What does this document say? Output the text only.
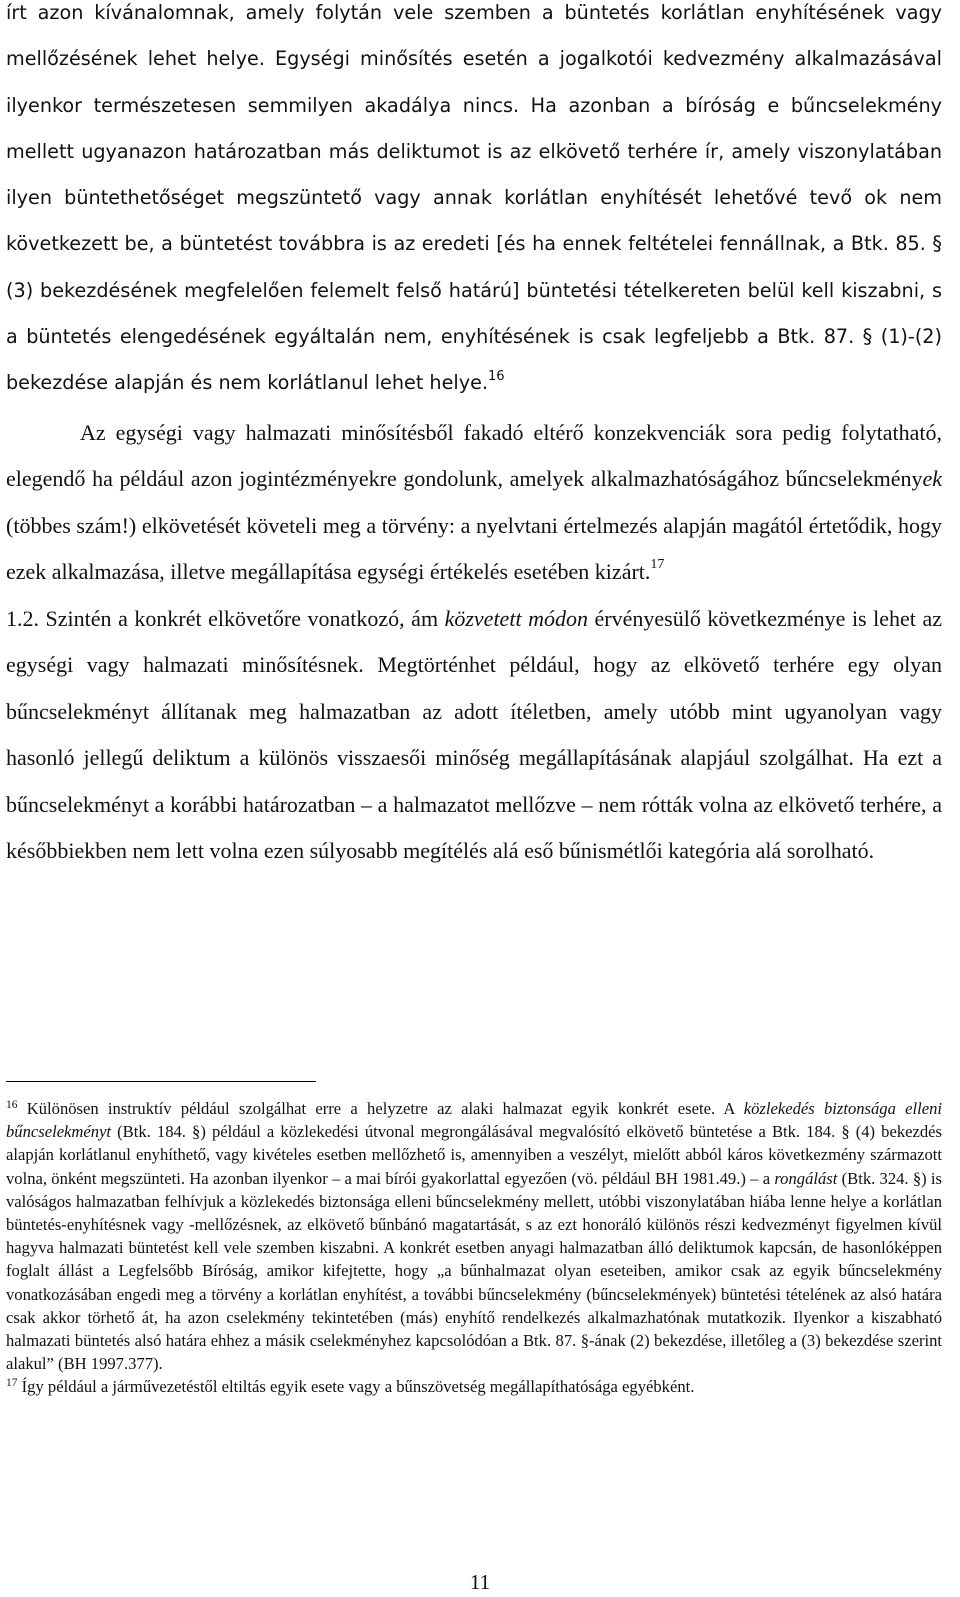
írt azon kívánalomnak, amely folytán vele szemben a büntetés korlátlan enyhítésének vagy mellőzésének lehet helye. Egységi minősítés esetén a jogalkotói kedvezmény alkalmazásával ilyenkor természetesen semmilyen akadálya nincs. Ha azonban a bíróság e bűncselekmény mellett ugyanazon határozatban más deliktumot is az elkövető terhére ír, amely viszonylatában ilyen büntethetőséget megszüntető vagy annak korlátlan enyhítését lehetővé tevő ok nem következett be, a büntetést továbbra is az eredeti [és ha ennek feltételei fennállnak, a Btk. 85. § (3) bekezdésének megfelelően felemelt felső határú] büntetési tételkereten belül kell kiszabni, s a büntetés elengedésének egyáltalán nem, enyhítésének is csak legfeljebb a Btk. 87. § (1)-(2) bekezdése alapján és nem korlátlanul lehet helye.$^{16}$

Az egységi vagy halmazati minősítésből fakadó eltérő konzekvenciák sora pedig folytatható, elegendő ha például azon jogintézményekre gondolunk, amelyek alkalmazhatóságához bűncselekmények (többes szám!) elkövetését követeli meg a törvény: a nyelvtani értelmezés alapján magától értetődik, hogy ezek alkalmazása, illetve megállapítása egységi értékelés esetében kizárt.$^{17}$

1.2. Szintén a konkrét elkövetőre vonatkozó, ám közvetett módon érvényesülő következménye is lehet az egységi vagy halmazati minősítésnek. Megtörténhet például, hogy az elkövető terhére egy olyan bűncselekményt állítanak meg halmazatban az adott ítéletben, amely utóbb mint ugyanolyan vagy hasonló jellegű deliktum a különös visszaesői minőség megállapításának alapjául szolgálhat. Ha ezt a bűncselekményt a korábbi határozatban – a halmazatot mellőzve – nem rótták volna az elkövető terhére, a későbbiekben nem lett volna ezen súlyosabb megítélés alá eső bűnismétlői kategória alá sorolható.

$^{16}$ Különösen instruktív például szolgálhat erre a helyzetre az alaki halmazat egyik konkrét esete. A közlekedés biztonsága elleni bűncselekményt (Btk. 184. §) például a közlekedési útvonal megrongálásával megvalósító elkövető büntetése a Btk. 184. § (4) bekezdés alapján korlátlanul enyhíthető, vagy kivételes esetben mellőzhető is, amennyiben a veszélyt, mielőtt abból káros következmény származott volna, önként megszünteti. Ha azonban ilyenkor – a mai bírói gyakorlattal egyezően (vö. például BH 1981.49.) – a rongálást (Btk. 324. §) is valóságos halmazatban felhívjuk a közlekedés biztonsága elleni bűncselekmény mellett, utóbbi viszonylatában hiába lenne helye a korlátlan büntetés-enyhítésnek vagy -mellőzésnek, az elkövető bűnbánó magatartását, s az ezt honoráló különös részi kedvezményt figyelmen kívül hagyva halmazati büntetést kell vele szemben kiszabni. A konkrét esetben anyagi halmazatban álló deliktumok kapcsán, de hasonlóképpen foglalt állást a Legfelsőbb Bíróság, amikor kifejtette, hogy „a bűnhalmazat olyan eseteiben, amikor csak az egyik bűncselekmény vonatkozásában engedi meg a törvény a korlátlan enyhítést, a további bűncselekmény (bűncselekmények) büntetési tételének az alsó határa csak akkor törhető át, ha azon cselekmény tekintetében (más) enyhítő rendelkezés alkalmazhatónak mutatkozik. Ilyenkor a kiszabható halmazati büntetés alsó határa ehhez a másik cselekményhez kapcsolódóan a Btk. 87. §-ának (2) bekezdése, illetőleg a (3) bekezdése szerint alakul” (BH 1997.377).

$^{17}$ Így például a járművezetéstől eltiltás egyik esete vagy a bűnszövetség megállapíthatósága egyébként.

11
